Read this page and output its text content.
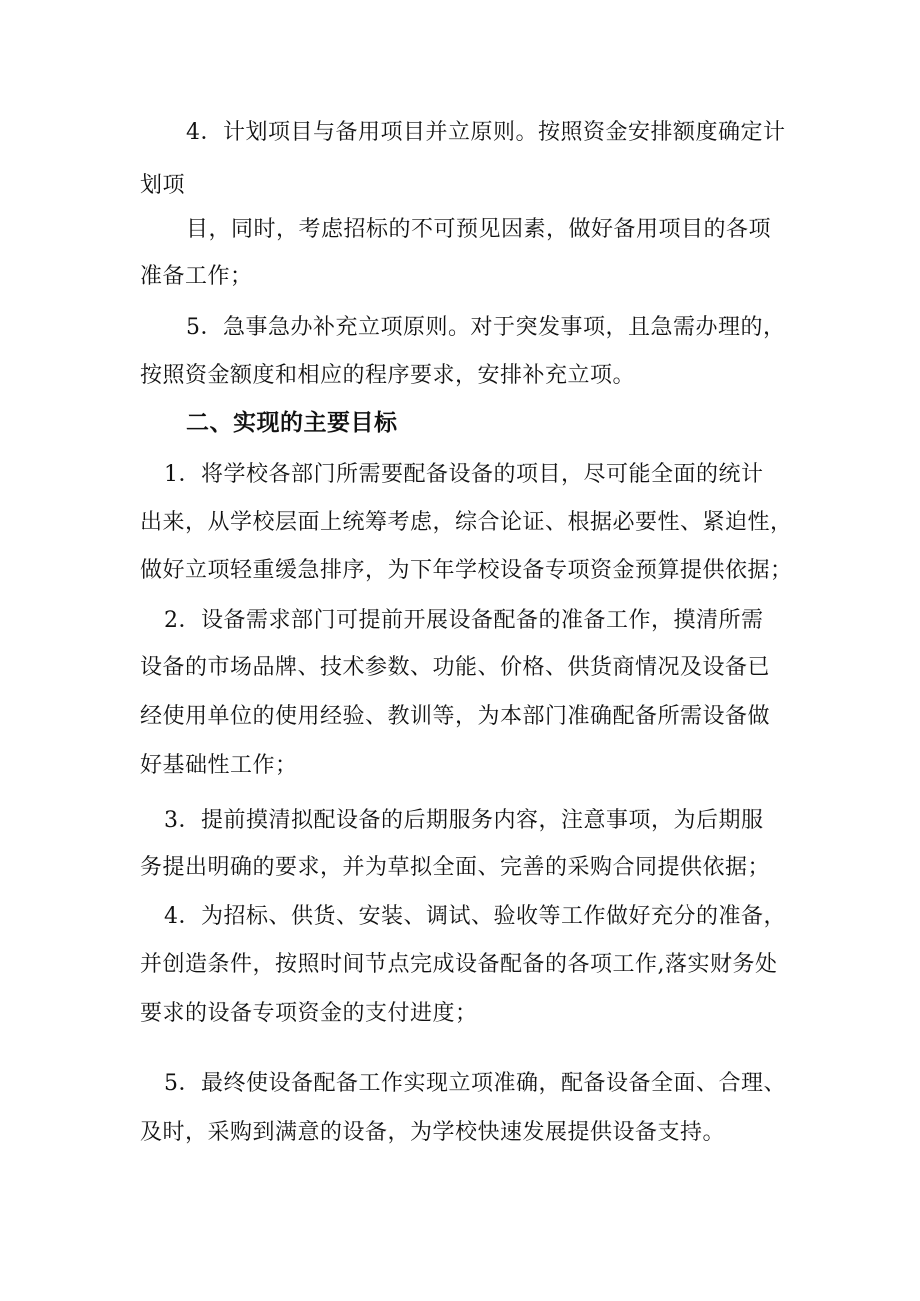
4．计划项目与备用项目并立原则。按照资金安排额度确定计
划项
目，同时，考虑招标的不可预见因素，做好备用项目的各项
准备工作；
5．急事急办补充立项原则。对于突发事项，且急需办理的，
按照资金额度和相应的程序要求，安排补充立项。
二、实现的主要目标
1．将学校各部门所需要配备设备的项目，尽可能全面的统计
出来，从学校层面上统筹考虑，综合论证、根据必要性、紧迫性，
做好立项轻重缓急排序，为下年学校设备专项资金预算提供依据；
2．设备需求部门可提前开展设备配备的准备工作，摸清所需
设备的市场品牌、技术参数、功能、价格、供货商情况及设备已
经使用单位的使用经验、教训等，为本部门准确配备所需设备做
好基础性工作；
3．提前摸清拟配设备的后期服务内容，注意事项，为后期服
务提出明确的要求，并为草拟全面、完善的采购合同提供依据；
4．为招标、供货、安装、调试、验收等工作做好充分的准备，
并创造条件，按照时间节点完成设备配备的各项工作,落实财务处
要求的设备专项资金的支付进度；
5．最终使设备配备工作实现立项准确，配备设备全面、合理、
及时，采购到满意的设备，为学校快速发展提供设备支持。
